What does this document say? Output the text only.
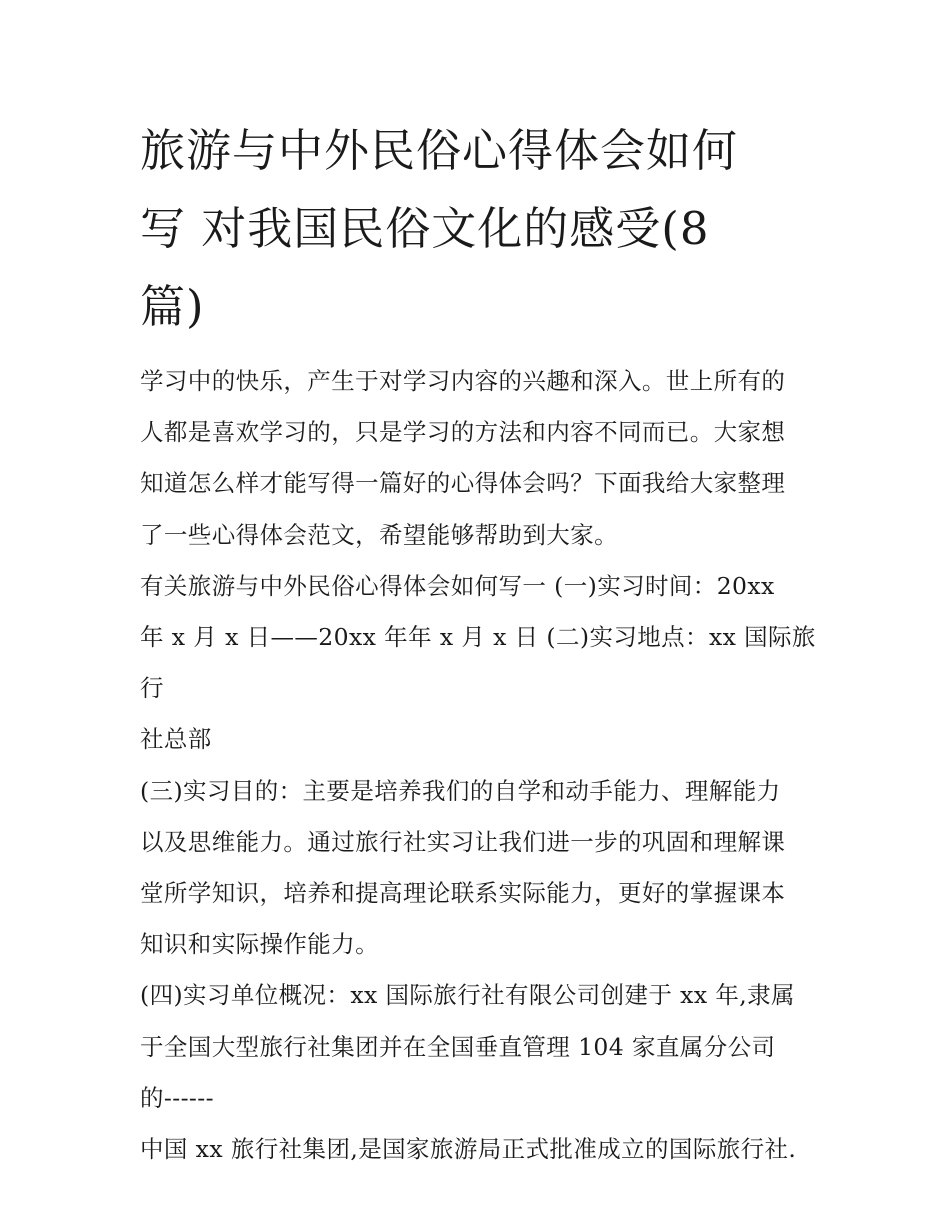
旅游与中外民俗心得体会如何
写 对我国民俗文化的感受(8
篇)

学习中的快乐，产生于对学习内容的兴趣和深入。世上所有的
人都是喜欢学习的，只是学习的方法和内容不同而已。大家想
知道怎么样才能写得一篇好的心得体会吗？下面我给大家整理
了一些心得体会范文，希望能够帮助到大家。

有关旅游与中外民俗心得体会如何写一 (一)实习时间：20xx
年 x 月 x 日——20xx 年年 x 月 x 日 (二)实习地点：xx 国际旅行
社总部

(三)实习目的：主要是培养我们的自学和动手能力、理解能力
以及思维能力。通过旅行社实习让我们进一步的巩固和理解课
堂所学知识，培养和提高理论联系实际能力，更好的掌握课本
知识和实际操作能力。

(四)实习单位概况：xx 国际旅行社有限公司创建于 xx 年,隶属
于全国大型旅行社集团并在全国垂直管理 104 家直属分公司
的------

中国 xx 旅行社集团,是国家旅游局正式批准成立的国际旅行社.
